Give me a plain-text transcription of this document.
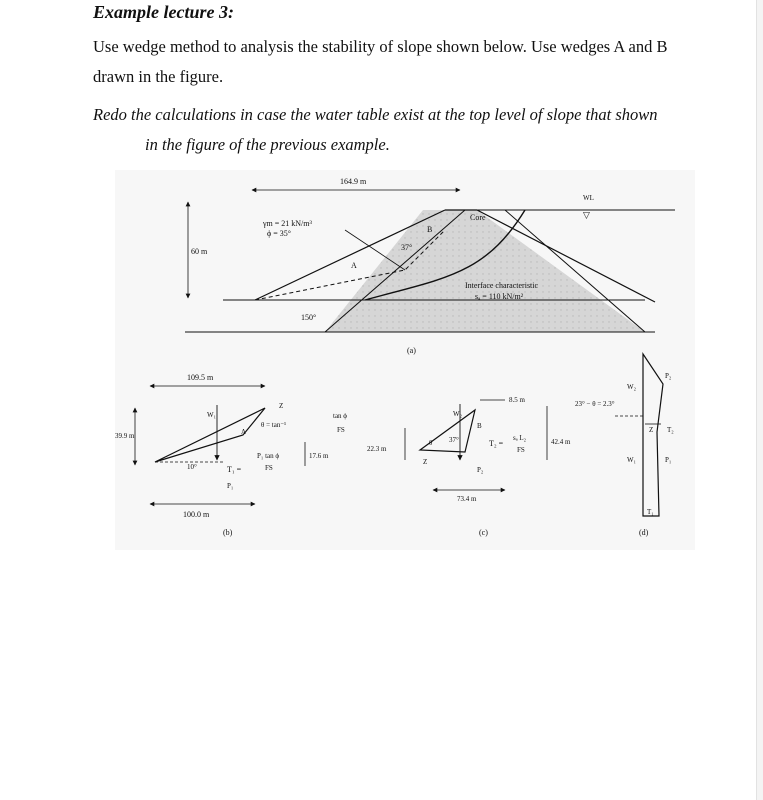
Example lecture 3:
Use wedge method to analysis the stability of slope shown below. Use wedges A and B drawn in the figure.
Redo the calculations in case the water table exist at the top level of slope that shown
in the figure of the previous example.
164.9 m
60 m
γm = 21 kN/m³
ϕ = 35°
37°
A
B
150°
Core
WL
▽
Interface characteristic
sₐ = 110 kN/m²
(a)
109.5 m
39.9 m
W₁
A
Z
θ = tan⁻¹
tan ϕ
FS
T₁ =
P₁ tan ϕ
FS
P₁
10°
17.6 m
100.0 m
(b)
8.5 m
22.3 m
W₂
B
θ
Z
37°	T₂ =
sₐ L₂
FS
P₂
42.4 m
73.4 m
(c)
23° − θ = 2.3°
W₂
P₂
Z T₂
W₁	P₁
T₁
(d)
